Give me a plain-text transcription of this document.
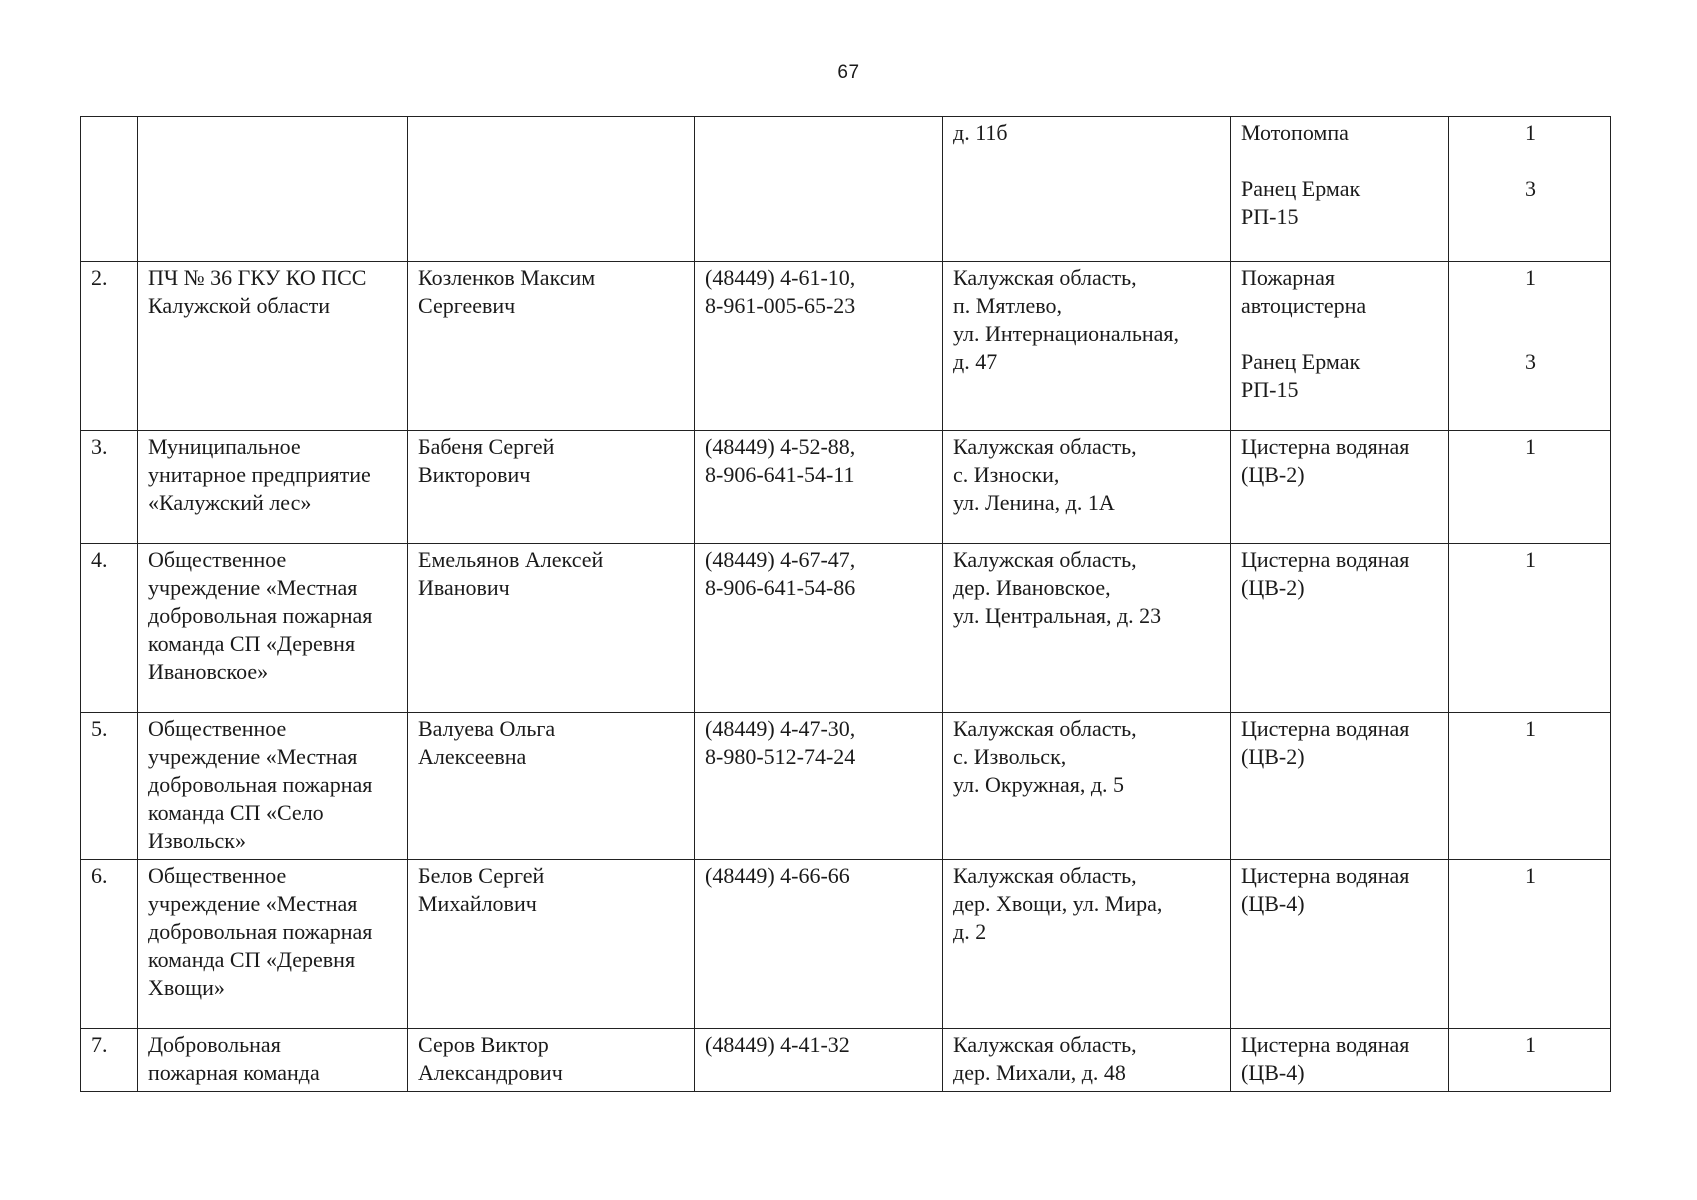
67

				д. 11б	Мотопомпа
Ранец Ермак
РП-15	1
3

2.	ПЧ № 36 ГКУ КО ПСС
Калужской области	Козленков Максим
Сергеевич	(48449) 4-61-10,
8-961-005-65-23	Калужская область,
п. Мятлево,
ул. Интернациональная,
д. 47	Пожарная
автоцистерна
Ранец Ермак
РП-15	1

3

3.	Муниципальное
унитарное предприятие
«Калужский лес»	Бабеня Сергей
Викторович	(48449) 4-52-88,
8-906-641-54-11	Калужская область,
с. Износки,
ул. Ленина, д. 1А	Цистерна водяная
(ЦВ-2)	1

4.	Общественное
учреждение «Местная
добровольная пожарная
команда СП «Деревня
Ивановское»	Емельянов Алексей
Иванович	(48449) 4-67-47,
8-906-641-54-86	Калужская область,
дер. Ивановское,
ул. Центральная, д. 23	Цистерна водяная
(ЦВ-2)	1

5.	Общественное
учреждение «Местная
добровольная пожарная
команда СП «Село
Извольск»	Валуева Ольга
Алексеевна	(48449) 4-47-30,
8-980-512-74-24	Калужская область,
с. Извольск,
ул. Окружная, д. 5	Цистерна водяная
(ЦВ-2)	1

6.	Общественное
учреждение «Местная
добровольная пожарная
команда СП «Деревня
Хвощи»	Белов Сергей
Михайлович	(48449) 4-66-66	Калужская область,
дер. Хвощи, ул. Мира,
д. 2	Цистерна водяная
(ЦВ-4)	1

7.	Добровольная
пожарная команда	Серов Виктор
Александрович	(48449) 4-41-32	Калужская область,
дер. Михали, д. 48	Цистерна водяная
(ЦВ-4)	1
